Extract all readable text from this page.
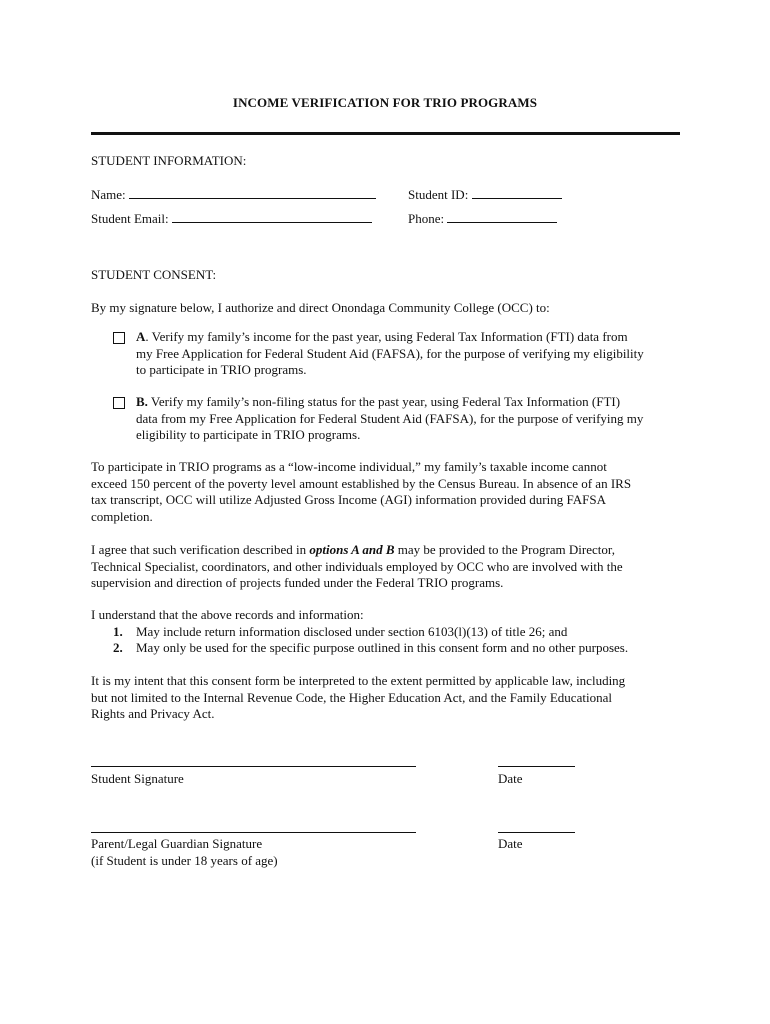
INCOME VERIFICATION FOR TRIO PROGRAMS
STUDENT INFORMATION:
Name:	Student ID:
Student Email:	Phone:
STUDENT CONSENT:
By my signature below, I authorize and direct Onondaga Community College (OCC) to:
A. Verify my family’s income for the past year, using Federal Tax Information (FTI) data from
my Free Application for Federal Student Aid (FAFSA), for the purpose of verifying my eligibility
to participate in TRIO programs.
B. Verify my family’s non-filing status for the past year, using Federal Tax Information (FTI)
data from my Free Application for Federal Student Aid (FAFSA), for the purpose of verifying my
eligibility to participate in TRIO programs.
To participate in TRIO programs as a “low-income individual,” my family’s taxable income cannot
exceed 150 percent of the poverty level amount established by the Census Bureau. In absence of an IRS
tax transcript, OCC will utilize Adjusted Gross Income (AGI) information provided during FAFSA
completion.
I agree that such verification described in options A and B may be provided to the Program Director,
Technical Specialist, coordinators, and other individuals employed by OCC who are involved with the
supervision and direction of projects funded under the Federal TRIO programs.
I understand that the above records and information:
1. May include return information disclosed under section 6103(l)(13) of title 26; and
2. May only be used for the specific purpose outlined in this consent form and no other purposes.
It is my intent that this consent form be interpreted to the extent permitted by applicable law, including
but not limited to the Internal Revenue Code, the Higher Education Act, and the Family Educational
Rights and Privacy Act.
Student Signature	Date
Parent/Legal Guardian Signature	Date
(if Student is under 18 years of age)
